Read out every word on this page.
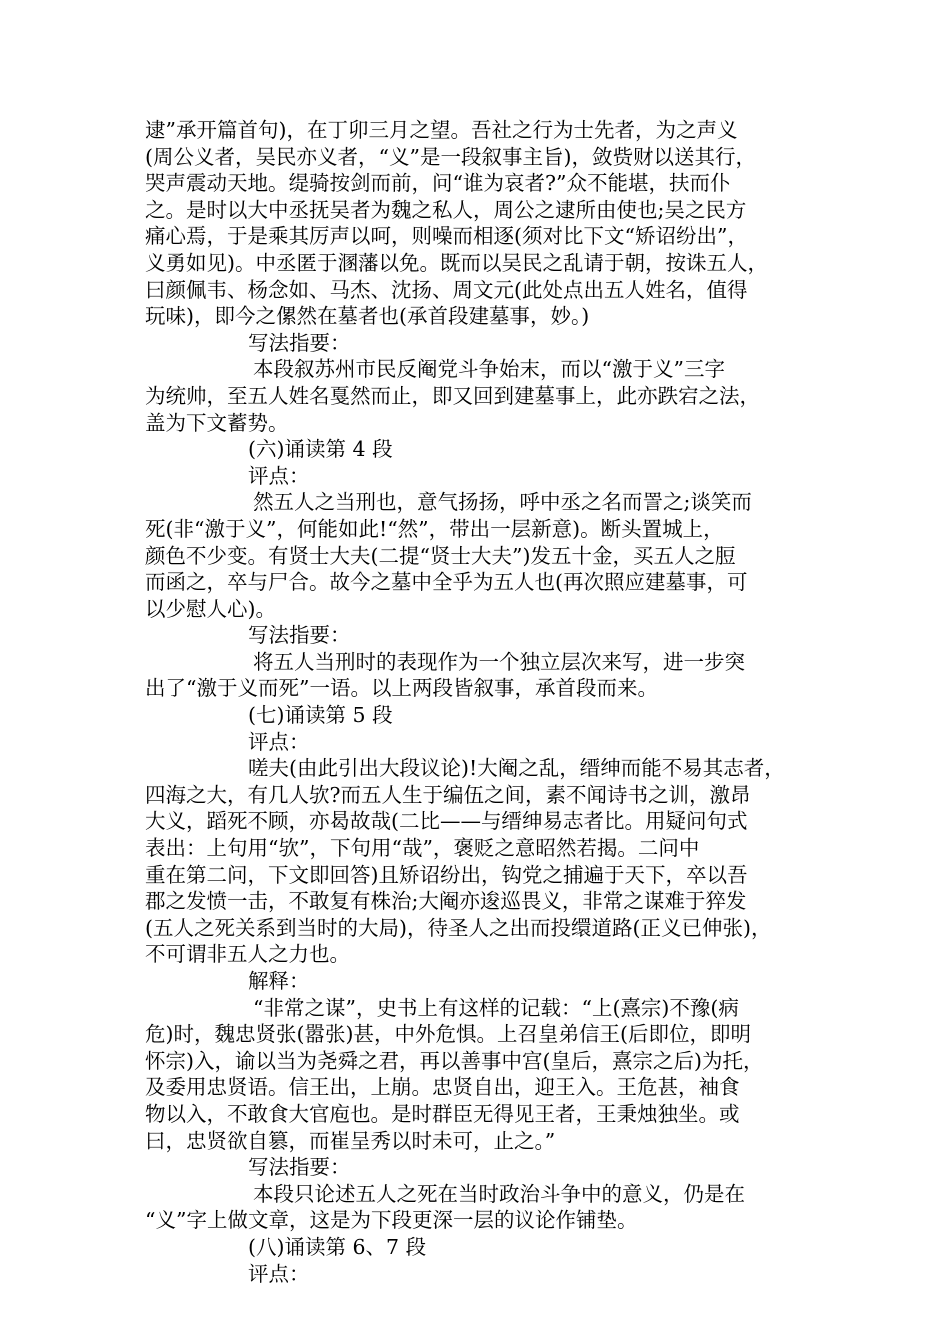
逮”承开篇首句)，在丁卯三月之望。吾社之行为士先者，为之声义

(周公义者，吴民亦义者，“义”是一段叙事主旨)，敛赀财以送其行，

哭声震动天地。缇骑按剑而前，问“谁为哀者?”众不能堪，扶而仆

之。是时以大中丞抚吴者为魏之私人，周公之逮所由使也;吴之民方

痛心焉，于是乘其厉声以呵，则噪而相逐(须对比下文“矫诏纷出”，

义勇如见)。中丞匿于溷藩以免。既而以吴民之乱请于朝，按诛五人，

曰颜佩韦、杨念如、马杰、沈扬、周文元(此处点出五人姓名，值得

玩味)，即今之傫然在墓者也(承首段建墓事，妙。)

写法指要：

本段叙苏州市民反阉党斗争始末，而以“激于义”三字

为统帅，至五人姓名戛然而止，即又回到建墓事上，此亦跌宕之法，

盖为下文蓄势。

(六)诵读第 4 段

评点：

然五人之当刑也，意气扬扬，呼中丞之名而詈之;谈笑而

死(非“激于义”，何能如此!“然”，带出一层新意)。断头置城上，

颜色不少变。有贤士大夫(二提“贤士大夫”)发五十金，买五人之脰

而函之，卒与尸合。故今之墓中全乎为五人也(再次照应建墓事，可

以少慰人心)。

写法指要：

将五人当刑时的表现作为一个独立层次来写，进一步突

出了“激于义而死”一语。以上两段皆叙事，承首段而来。

(七)诵读第 5 段

评点：

嗟夫(由此引出大段议论)!大阉之乱，缙绅而能不易其志者，

四海之大，有几人欤?而五人生于编伍之间，素不闻诗书之训，激昂

大义，蹈死不顾，亦曷故哉(二比——与缙绅易志者比。用疑问句式

表出：上句用“欤”，下句用“哉”，褒贬之意昭然若揭。二问中

重在第二问，下文即回答)且矫诏纷出，钩党之捕遍于天下，卒以吾

郡之发愤一击，不敢复有株治;大阉亦逡巡畏义，非常之谋难于猝发

(五人之死关系到当时的大局)，待圣人之出而投缳道路(正义已伸张)，

不可谓非五人之力也。

解释：

“非常之谋”，史书上有这样的记载：“上(熹宗)不豫(病

危)时，魏忠贤张(嚣张)甚，中外危惧。上召皇弟信王(后即位，即明

怀宗)入，谕以当为尧舜之君，再以善事中宫(皇后，熹宗之后)为托，

及委用忠贤语。信王出，上崩。忠贤自出，迎王入。王危甚，袖食

物以入，不敢食大官庖也。是时群臣无得见王者，王秉烛独坐。或

曰，忠贤欲自篡，而崔呈秀以时未可，止之。”

写法指要：

本段只论述五人之死在当时政治斗争中的意义，仍是在

“义”字上做文章，这是为下段更深一层的议论作铺垫。

(八)诵读第 6、7 段

评点：
